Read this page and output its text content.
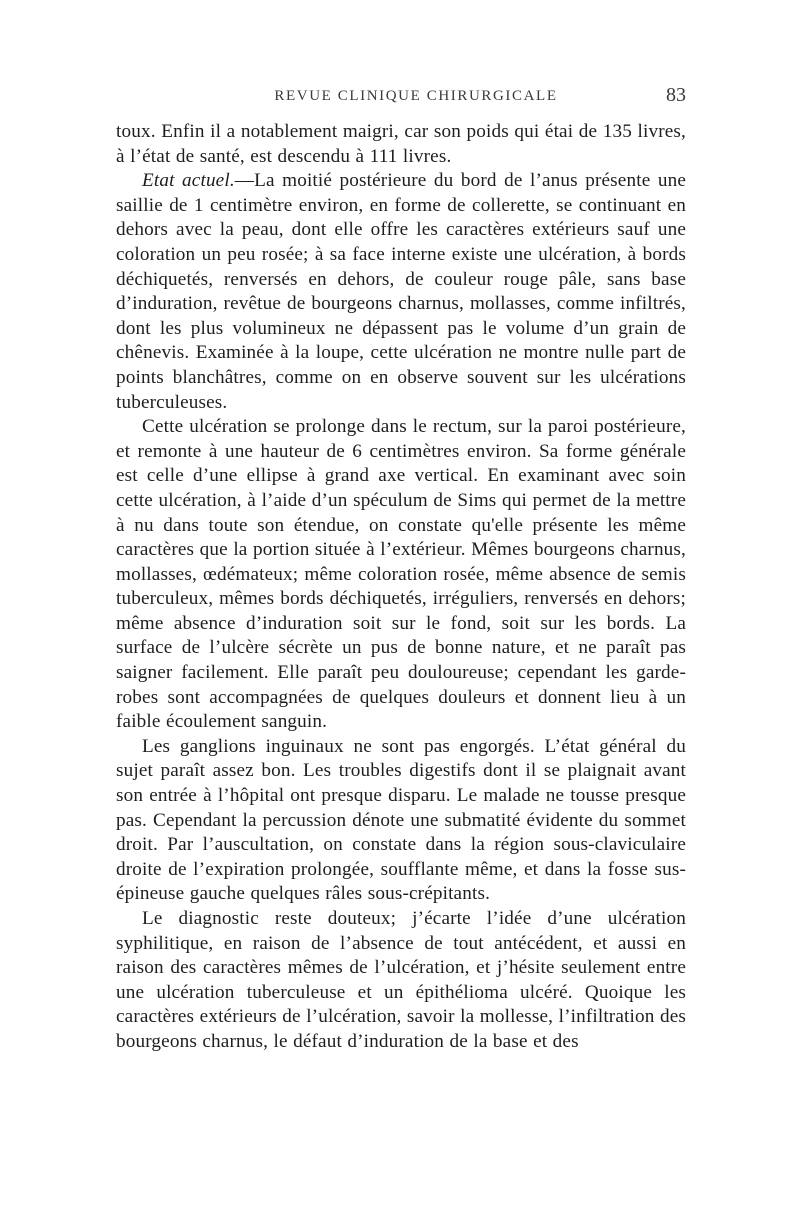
REVUE CLINIQUE CHIRURGICALE	83

toux. Enfin il a notablement maigri, car son poids qui étai de 135 livres, à l’état de santé, est descendu à 111 livres.

Etat actuel.—La moitié postérieure du bord de l’anus présente une saillie de 1 centimètre environ, en forme de collerette, se continuant en dehors avec la peau, dont elle offre les caractères extérieurs sauf une coloration un peu rosée; à sa face interne existe une ulcération, à bords déchiquetés, renversés en dehors, de couleur rouge pâle, sans base d’induration, revêtue de bourgeons charnus, mollasses, comme infiltrés, dont les plus volumineux ne dépassent pas le volume d’un grain de chênevis. Examinée à la loupe, cette ulcération ne montre nulle part de points blanchâtres, comme on en observe souvent sur les ulcérations tuberculeuses.

Cette ulcération se prolonge dans le rectum, sur la paroi postérieure, et remonte à une hauteur de 6 centimètres environ. Sa forme générale est celle d’une ellipse à grand axe vertical. En examinant avec soin cette ulcération, à l’aide d’un spéculum de Sims qui permet de la mettre à nu dans toute son étendue, on constate qu'elle présente les même caractères que la portion située à l’extérieur. Mêmes bourgeons charnus, mollasses, œdémateux; même coloration rosée, même absence de semis tuberculeux, mêmes bords déchiquetés, irréguliers, renversés en dehors; même absence d’induration soit sur le fond, soit sur les bords. La surface de l’ulcère sécrète un pus de bonne nature, et ne paraît pas saigner facilement. Elle paraît peu douloureuse; cependant les garde-robes sont accompagnées de quelques douleurs et donnent lieu à un faible écoulement sanguin.

Les ganglions inguinaux ne sont pas engorgés. L’état général du sujet paraît assez bon. Les troubles digestifs dont il se plaignait avant son entrée à l’hôpital ont presque disparu. Le malade ne tousse presque pas. Cependant la percussion dénote une submatité évidente du sommet droit. Par l’auscultation, on constate dans la région sous-claviculaire droite de l’expiration prolongée, soufflante même, et dans la fosse sus-épineuse gauche quelques râles sous-crépitants.

Le diagnostic reste douteux; j’écarte l’idée d’une ulcération syphilitique, en raison de l’absence de tout antécédent, et aussi en raison des caractères mêmes de l’ulcération, et j’hésite seulement entre une ulcération tuberculeuse et un épithélioma ulcéré. Quoique les caractères extérieurs de l’ulcération, savoir la mollesse, l’infiltration des bourgeons charnus, le défaut d’induration de la base et des
